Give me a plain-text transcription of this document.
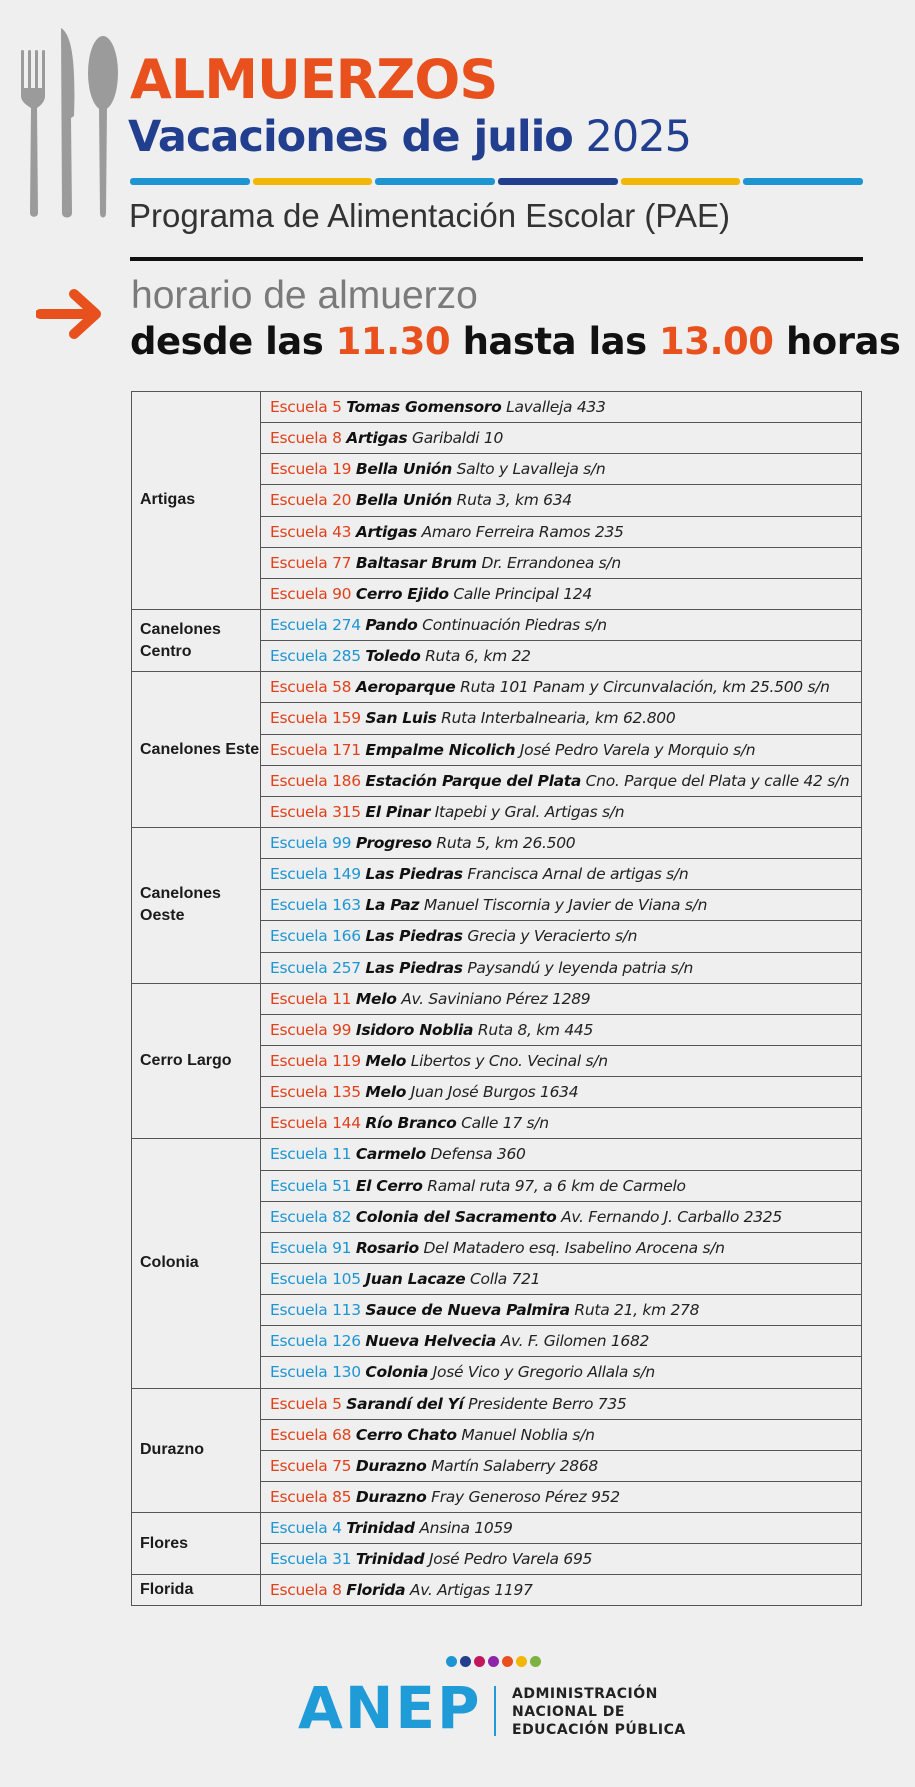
ALMUERZOS
Vacaciones de julio 2025
Programa de Alimentación Escolar (PAE)
horario de almuerzo
desde las 11.30 hasta las 13.00 horas
Artigas	Escuela 5 Tomas Gomensoro Lavalleja 433
	Escuela 8 Artigas Garibaldi 10
	Escuela 19 Bella Unión Salto y Lavalleja s/n
	Escuela 20 Bella Unión Ruta 3, km 634
	Escuela 43 Artigas Amaro Ferreira Ramos 235
	Escuela 77 Baltasar Brum Dr. Errandonea s/n
	Escuela 90 Cerro Ejido Calle Principal 124
Canelones Centro	Escuela 274 Pando Continuación Piedras s/n
	Escuela 285 Toledo Ruta 6, km 22
Canelones Este	Escuela 58 Aeroparque Ruta 101 Panam y Circunvalación, km 25.500 s/n
	Escuela 159 San Luis Ruta Interbalnearia, km 62.800
	Escuela 171 Empalme Nicolich José Pedro Varela y Morquio s/n
	Escuela 186 Estación Parque del Plata Cno. Parque del Plata y calle 42 s/n
	Escuela 315 El Pinar Itapebi y Gral. Artigas s/n
Canelones Oeste	Escuela 99 Progreso Ruta 5, km 26.500
	Escuela 149 Las Piedras Francisca Arnal de artigas s/n
	Escuela 163 La Paz Manuel Tiscornia y Javier de Viana s/n
	Escuela 166 Las Piedras Grecia y Veracierto s/n
	Escuela 257 Las Piedras Paysandú y leyenda patria s/n
Cerro Largo	Escuela 11 Melo Av. Saviniano Pérez 1289
	Escuela 99 Isidoro Noblia Ruta 8, km 445
	Escuela 119 Melo Libertos y Cno. Vecinal s/n
	Escuela 135 Melo Juan José Burgos 1634
	Escuela 144 Río Branco Calle 17 s/n
Colonia	Escuela 11 Carmelo Defensa 360
	Escuela 51 El Cerro Ramal ruta 97, a 6 km de Carmelo
	Escuela 82 Colonia del Sacramento Av. Fernando J. Carballo 2325
	Escuela 91 Rosario Del Matadero esq. Isabelino Arocena s/n
	Escuela 105 Juan Lacaze Colla 721
	Escuela 113 Sauce de Nueva Palmira Ruta 21, km 278
	Escuela 126 Nueva Helvecia Av. F. Gilomen 1682
	Escuela 130 Colonia José Vico y Gregorio Allala s/n
Durazno	Escuela 5 Sarandí del Yí Presidente Berro 735
	Escuela 68 Cerro Chato Manuel Noblia s/n
	Escuela 75 Durazno Martín Salaberry 2868
	Escuela 85 Durazno Fray Generoso Pérez 952
Flores	Escuela 4 Trinidad Ansina 1059
	Escuela 31 Trinidad José Pedro Varela 695
Florida	Escuela 8 Florida Av. Artigas 1197
ANEP ADMINISTRACIÓN
NACIONAL DE
EDUCACIÓN PÚBLICA
